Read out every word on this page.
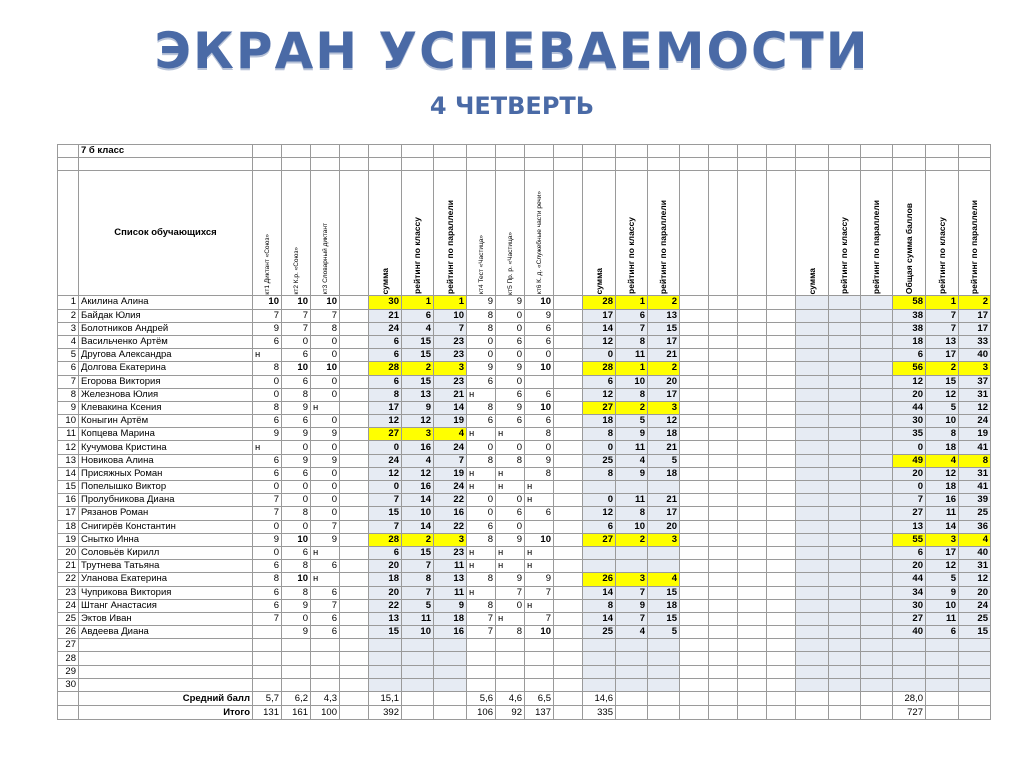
ЭКРАН УСПЕВАЕМОСТИ
4 ЧЕТВЕРТЬ
	7 б класс																								

	Список обучающихся	кт1 Диктант «Союз»	кт2 К.р. «Союз»	кт3 Словарный диктант		сумма	рейтинг по классу	рейтинг по параллели	кт4 Тест «Частица»	кт5 Пр. р. «Частица»	кт6 К. д. «Служебные части речи»		сумма	рейтинг по классу	рейтинг по параллели					сумма	рейтинг по классу	рейтинг по параллели	Общая сумма баллов	рейтинг по классу	рейтинг по параллели

1	Акилина Алина	10	10	10		30	1	1	9	9	10		28	1	2								58	1	2
2	Байдак Юлия	7	7	7		21	6	10	8	0	9		17	6	13								38	7	17
3	Болотников Андрей	9	7	8		24	4	7	8	0	6		14	7	15								38	7	17
4	Васильченко Артём	6	0	0		6	15	23	0	6	6		12	8	17								18	13	33
5	Другова Александра	н	6	0		6	15	23	0	0	0		0	11	21								6	17	40
6	Долгова Екатерина	8	10	10		28	2	3	9	9	10		28	1	2								56	2	3
7	Егорова Виктория	0	6	0		6	15	23	6	0			6	10	20								12	15	37
8	Железнова Юлия	0	8	0		8	13	21	н	6	6		12	8	17								20	12	31
9	Клевакина Ксения	8	9	н		17	9	14	8	9	10		27	2	3								44	5	12
10	Коныгин Артём	6	6	0		12	12	19	6	6	6		18	5	12								30	10	24
11	Копцева Марина	9	9	9		27	3	4	н	н	8		8	9	18								35	8	19
12	Кучумова Кристина	н	0	0		0	16	24	0	0	0		0	11	21								0	18	41
13	Новикова Алина	6	9	9		24	4	7	8	8	9		25	4	5								49	4	8
14	Присяжных Роман	6	6	0		12	12	19	н	н	8		8	9	18								20	12	31
15	Попелышко Виктор	0	0	0		0	16	24	н	н	н												0	18	41
16	Пролубникова Диана	7	0	0		7	14	22	0	0	н		0	11	21								7	16	39
17	Рязанов Роман	7	8	0		15	10	16	0	6	6		12	8	17								27	11	25
18	Снигирёв Константин	0	0	7		7	14	22	6	0			6	10	20								13	14	36
19	Снытко Инна	9	10	9		28	2	3	8	9	10		27	2	3								55	3	4
20	Соловьёв Кирилл	0	6	н		6	15	23	н	н	н												6	17	40
21	Трутнева Татьяна	6	8	6		20	7	11	н	н	н												20	12	31
22	Уланова Екатерина	8	10	н		18	8	13	8	9	9		26	3	4								44	5	12
23	Чуприкова Виктория	6	8	6		20	7	11	н	7	7		14	7	15								34	9	20
24	Штанг Анастасия	6	9	7		22	5	9	8	0	н		8	9	18								30	10	24
25	Эктов Иван	7	0	6		13	11	18	7	н	7		14	7	15								27	11	25
26	Авдеева Диана		9	6		15	10	16	7	8	10		25	4	5								40	6	15
27																									
28																									
29																									
30																									
	Средний балл	5,7	6,2	4,3		15,1			5,6	4,6	6,5		14,6										28,0		
	Итого	131	161	100		392			106	92	137		335										727		
